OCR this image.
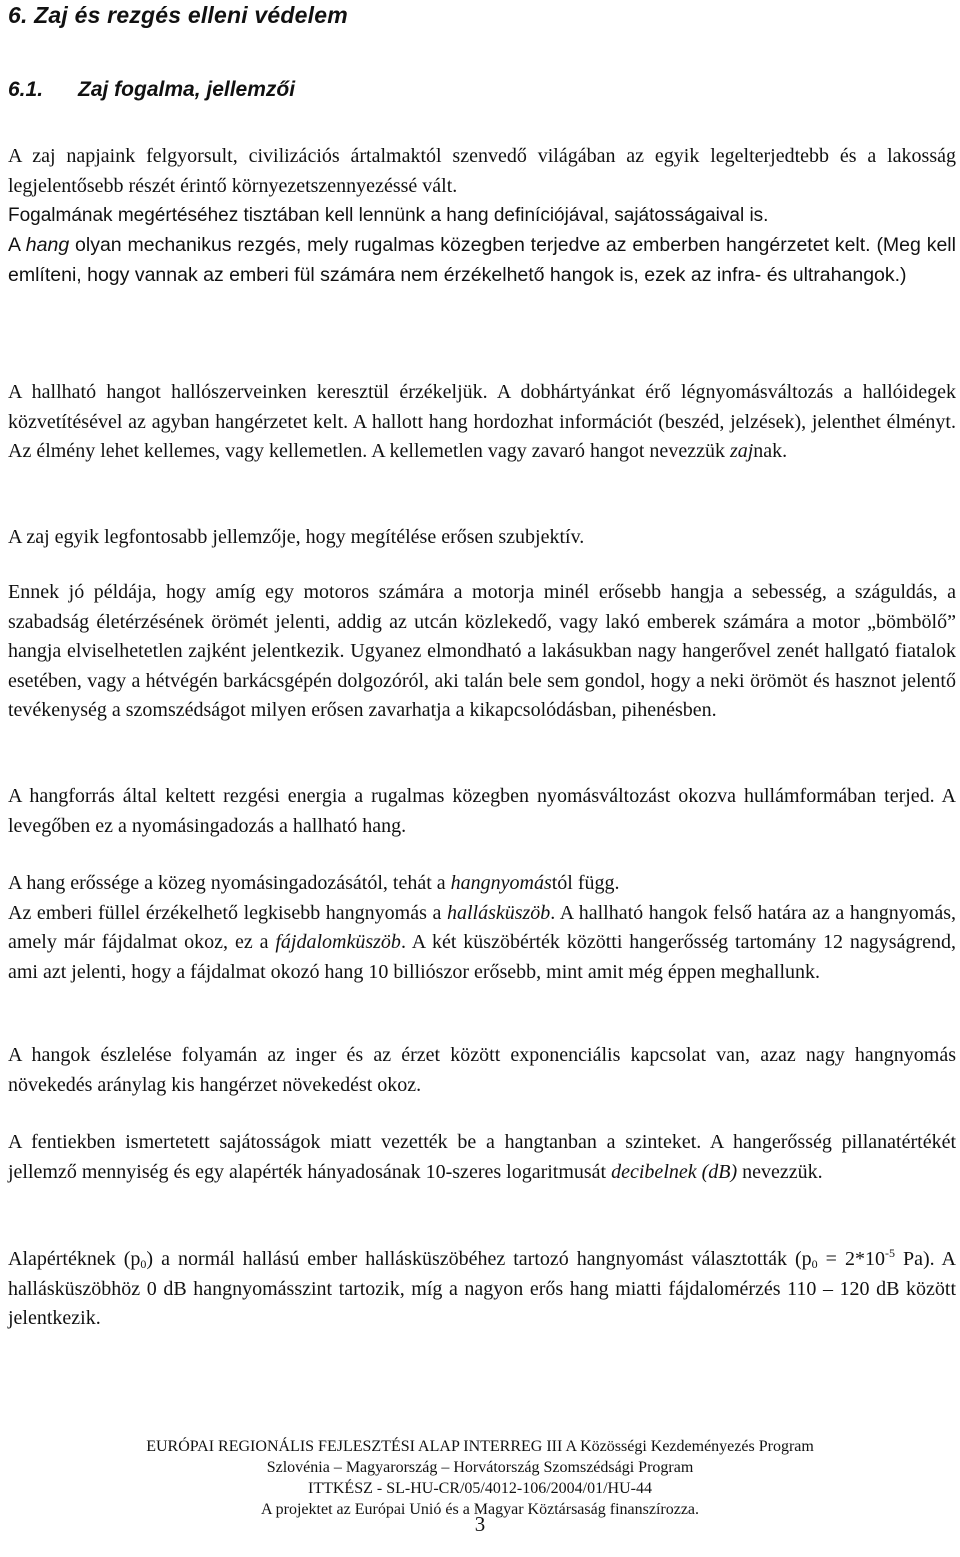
6. Zaj és rezgés elleni védelem
6.1. Zaj fogalma, jellemzői

A zaj napjaink felgyorsult, civilizációs ártalmaktól szenvedő világában az egyik legelterjedtebb és a lakosság legjelentősebb részét érintő környezetszennyezéssé vált.
Fogalmának megértéséhez tisztában kell lennünk a hang definíciójával, sajátosságaival is.

A hang olyan mechanikus rezgés, mely rugalmas közegben terjedve az emberben hangérzetet kelt. (Meg kell említeni, hogy vannak az emberi fül számára nem érzékelhető hangok is, ezek az infra- és ultrahangok.)

A hallható hangot hallószerveinken keresztül érzékeljük. A dobhártyánkat érő légnyomásváltozás a hallóidegek közvetítésével az agyban hangérzetet kelt. A hallott hang hordozhat információt (beszéd, jelzések), jelenthet élményt. Az élmény lehet kellemes, vagy kellemetlen. A kellemetlen vagy zavaró hangot nevezzük zajnak.

A zaj egyik legfontosabb jellemzője, hogy megítélése erősen szubjektív.

Ennek jó példája, hogy amíg egy motoros számára a motorja minél erősebb hangja a sebesség, a száguldás, a szabadság életérzésének örömét jelenti, addig az utcán közlekedő, vagy lakó emberek számára a motor „bömbölő” hangja elviselhetetlen zajként jelentkezik. Ugyanez elmondható a lakásukban nagy hangerővel zenét hallgató fiatalok esetében, vagy a hétvégén barkácsgépén dolgozóról, aki talán bele sem gondol, hogy a neki örömöt és hasznot jelentő tevékenység a szomszédságot milyen erősen zavarhatja a kikapcsolódásban, pihenésben.

A hangforrás által keltett rezgési energia a rugalmas közegben nyomásváltozást okozva hullámformában terjed. A levegőben ez a nyomásingadozás a hallható hang.

A hang erőssége a közeg nyomásingadozásától, tehát a hangnyomástól függ.
Az emberi füllel érzékelhető legkisebb hangnyomás a hallásküszöb. A hallható hangok felső határa az a hangnyomás, amely már fájdalmat okoz, ez a fájdalomküszöb. A két küszöbérték közötti hangerősség tartomány 12 nagyságrend, ami azt jelenti, hogy a fájdalmat okozó hang 10 billiószor erősebb, mint amit még éppen meghallunk.

A hangok észlelése folyamán az inger és az érzet között exponenciális kapcsolat van, azaz nagy hangnyomás növekedés aránylag kis hangérzet növekedést okoz.

A fentiekben ismertetett sajátosságok miatt vezették be a hangtanban a szinteket. A hangerősség pillanatértékét jellemző mennyiség és egy alapérték hányadosának 10-szeres logaritmusát decibelnek (dB) nevezzük.

Alapértéknek $(p_0)$ a normál hallású ember hallásküszöbéhez tartozó hangnyomást választották ($p_0 = 2*10^{-5}$ Pa). A hallásküszöbhöz 0 dB hangnyomásszint tartozik, míg a nagyon erős hang miatti fájdalomérzés 110 – 120 dB között jelentkezik.

EURÓPAI REGIONÁLIS FEJLESZTÉSI ALAP INTERREG III A Közösségi Kezdeményezés Program
Szlovénia – Magyarország – Horvátország Szomszédsági Program
ITTKÉSZ - SL-HU-CR/05/4012-106/2004/01/HU-44
A projektet az Európai Unió és a Magyar Köztársaság finanszírozza.
3
